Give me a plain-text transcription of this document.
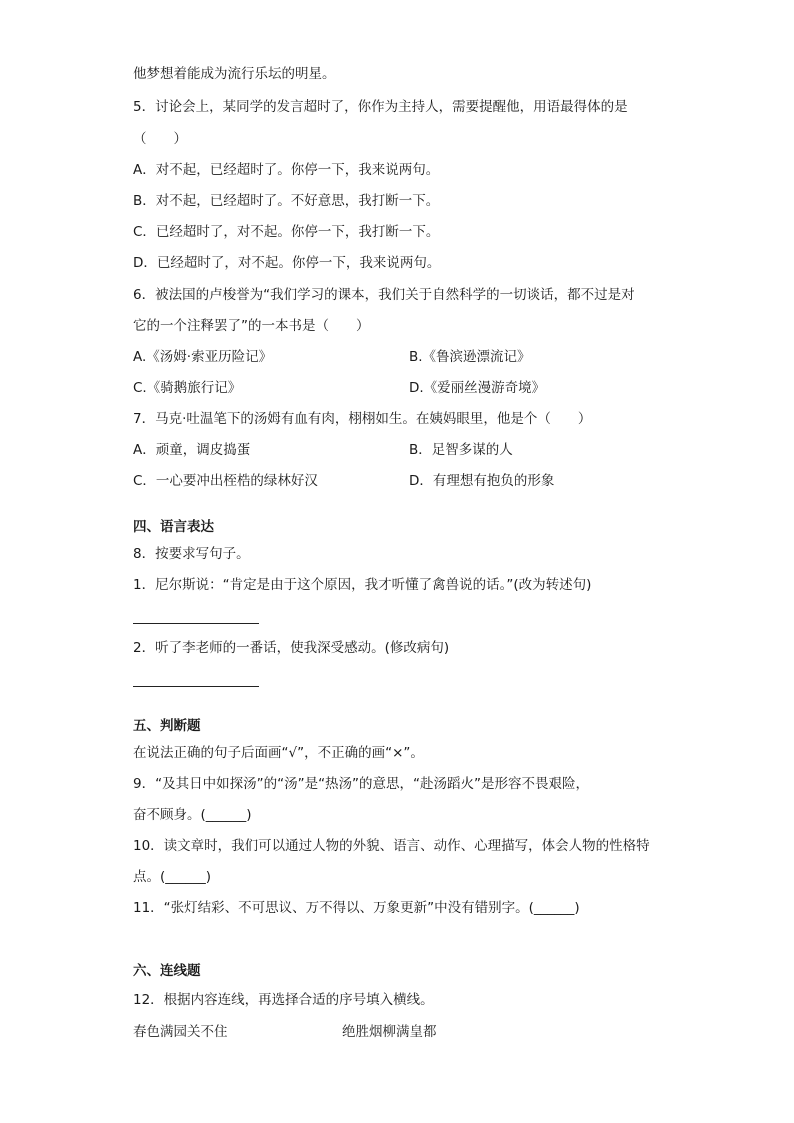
他梦想着能成为流行乐坛的明星。
5．讨论会上，某同学的发言超时了，你作为主持人，需要提醒他，用语最得体的是
（　　）
A．对不起，已经超时了。你停一下，我来说两句。
B．对不起，已经超时了。不好意思，我打断一下。
C．已经超时了，对不起。你停一下，我打断一下。
D．已经超时了，对不起。你停一下，我来说两句。
6．被法国的卢梭誉为“我们学习的课本，我们关于自然科学的一切谈话，都不过是对
它的一个注释罢了”的一本书是（　　）
A.《汤姆·索亚历险记》	B.《鲁滨逊漂流记》
C.《骑鹅旅行记》	D.《爱丽丝漫游奇境》
7．马克·吐温笔下的汤姆有血有肉，栩栩如生。在姨妈眼里，他是个（　　）
A．顽童，调皮捣蛋	B．足智多谋的人
C．一心要冲出桎梏的绿林好汉	D．有理想有抱负的形象
四、语言表达
8．按要求写句子。
1．尼尔斯说：“肯定是由于这个原因，我才听懂了禽兽说的话。”(改为转述句)
2．听了李老师的一番话，使我深受感动。(修改病句)
五、判断题
在说法正确的句子后面画“√”，不正确的画“×”。
9．“及其日中如探汤”的“汤”是“热汤”的意思，“赴汤蹈火”是形容不畏艰险，
奋不顾身。(______)
10．读文章时，我们可以通过人物的外貌、语言、动作、心理描写，体会人物的性格特
点。(______)
11．“张灯结彩、不可思议、万不得以、万象更新”中没有错别字。(______)
六、连线题
12．根据内容连线，再选择合适的序号填入横线。
春色满园关不住	绝胜烟柳满皇都
